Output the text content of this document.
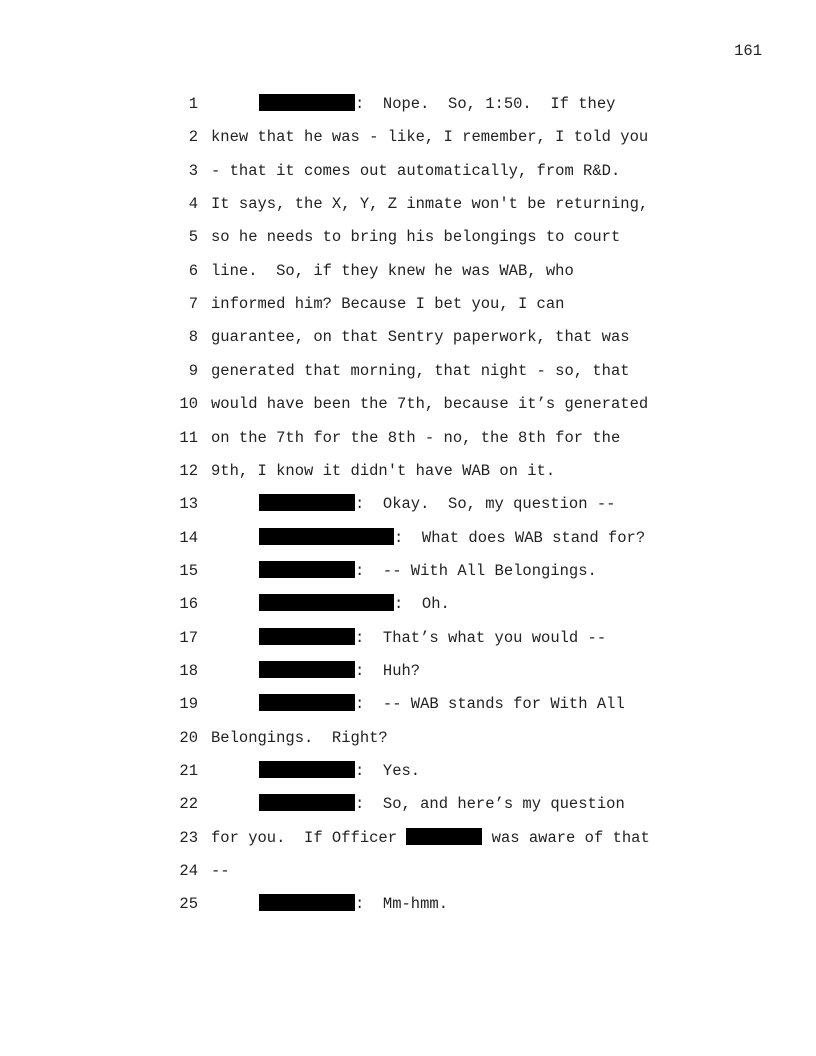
161
1	:  Nope.  So, 1:50.  If they
2 knew that he was - like, I remember, I told you
3 - that it comes out automatically, from R&D.
4 It says, the X, Y, Z inmate won't be returning,
5 so he needs to bring his belongings to court
6 line.  So, if they knew he was WAB, who
7 informed him? Because I bet you, I can
8 guarantee, on that Sentry paperwork, that was
9 generated that morning, that night - so, that
10 would have been the 7th, because it’s generated
11 on the 7th for the 8th - no, the 8th for the
12 9th, I know it didn't have WAB on it.
13	:  Okay.  So, my question --
14	:  What does WAB stand for?
15	:  -- With All Belongings.
16	:  Oh.
17	:  That’s what you would --
18	:  Huh?
19	:  -- WAB stands for With All
20 Belongings.  Right?
21	:  Yes.
22	:  So, and here’s my question
23 for you.  If Officer	was aware of that
24 --
25	:  Mm-hmm.
